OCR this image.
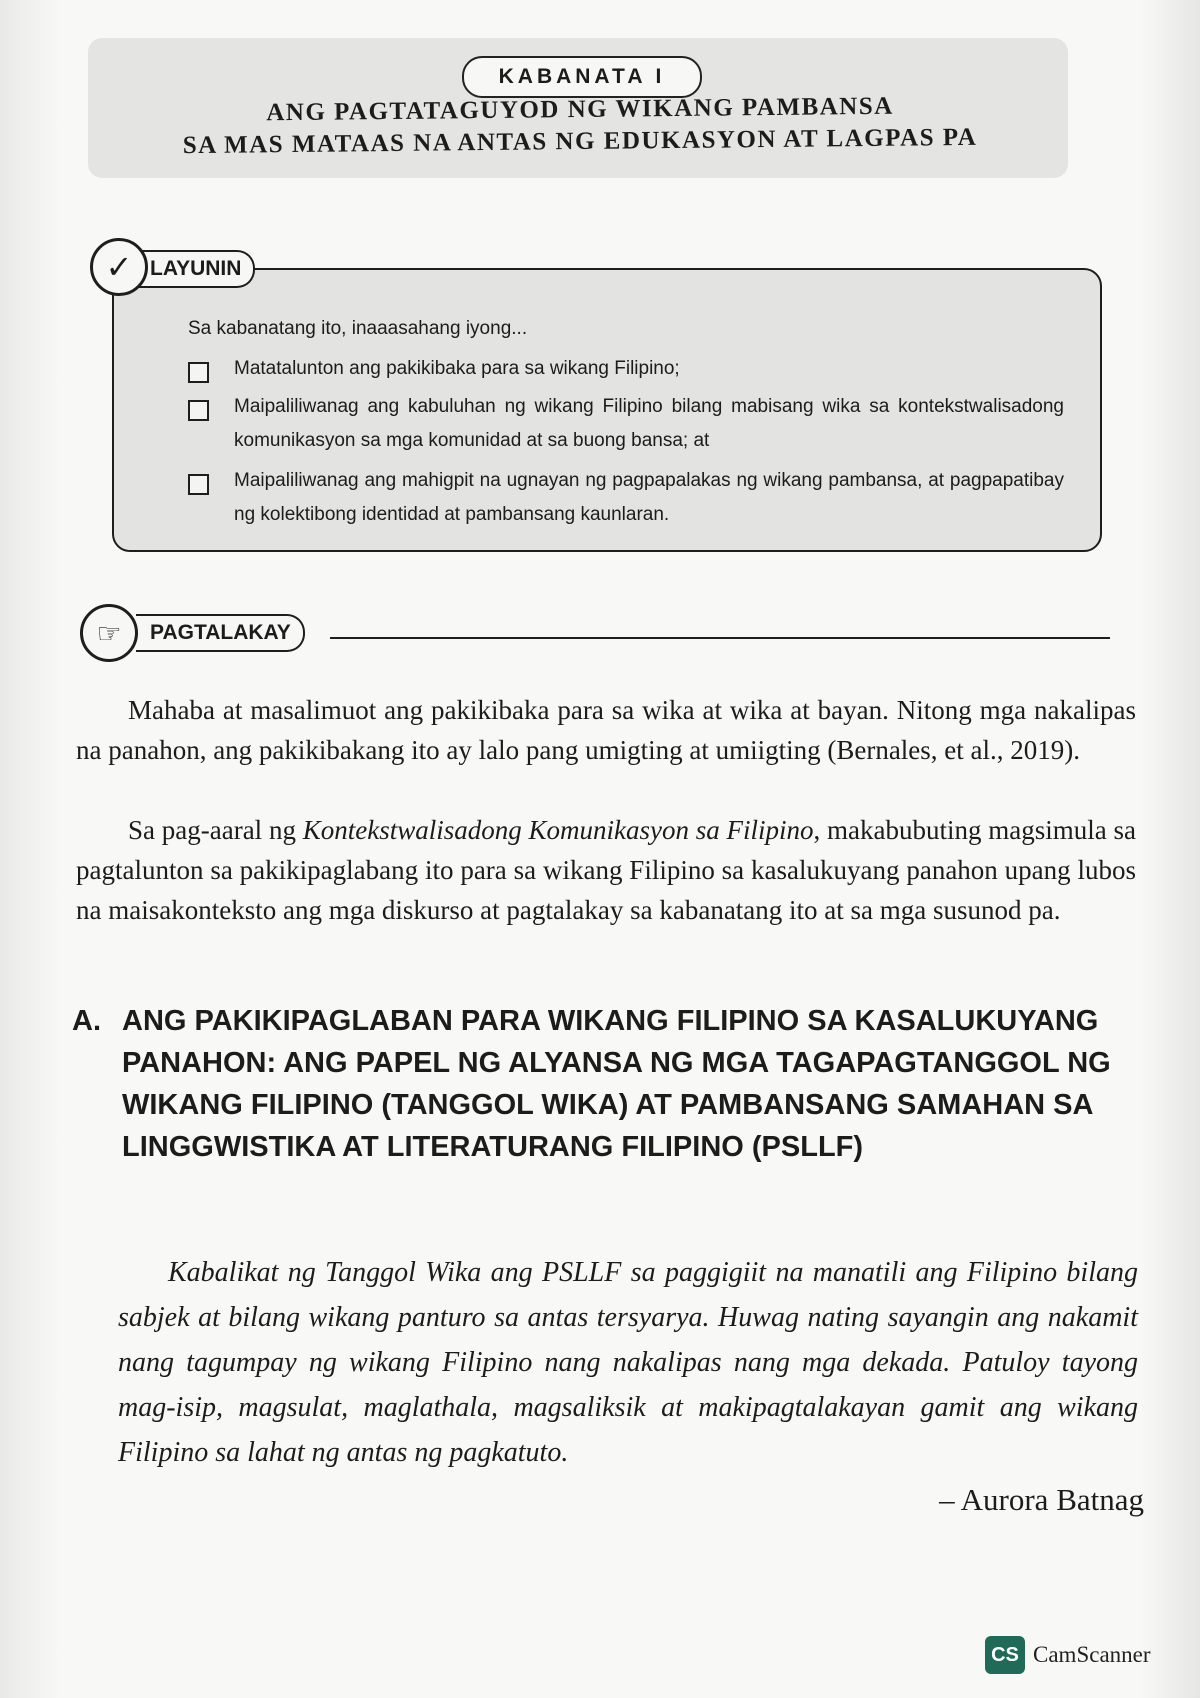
KABANATA I
ANG PAGTATAGUYOD NG WIKANG PAMBANSA
SA MAS MATAAS NA ANTAS NG EDUKASYON AT LAGPAS PA
LAYUNIN
✓
Sa kabanatang ito, inaaasahang iyong...
Matatalunton ang pakikibaka para sa wikang Filipino;
Maipaliliwanag ang kabuluhan ng wikang Filipino bilang mabisang wika sa kontekstwalisadong komunikasyon sa mga komunidad at sa buong bansa; at
Maipaliliwanag ang mahigpit na ugnayan ng pagpapalakas ng wikang pambansa, at pagpapatibay ng kolektibong identidad at pambansang kaunlaran.
PAGTALAKAY
☞
Mahaba at masalimuot ang pakikibaka para sa wika at wika at bayan. Nitong mga nakalipas na panahon, ang pakikibakang ito ay lalo pang umigting at umiigting (Bernales, et al., 2019).
Sa pag-aaral ng Kontekstwalisadong Komunikasyon sa Filipino, makabubuting magsimula sa pagtalunton sa pakikipaglabang ito para sa wikang Filipino sa kasalukuyang panahon upang lubos na maisakonteksto ang mga diskurso at pagtalakay sa kabanatang ito at sa mga susunod pa.
A. ANG PAKIKIPAGLABAN PARA WIKANG FILIPINO SA KASALUKUYANG PANAHON: ANG PAPEL NG ALYANSA NG MGA TAGAPAGTANGGOL NG WIKANG FILIPINO (TANGGOL WIKA) AT PAMBANSANG SAMAHAN SA LINGGWISTIKA AT LITERATURANG FILIPINO (PSLLF)
Kabalikat ng Tanggol Wika ang PSLLF sa paggigiit na manatili ang Filipino bilang sabjek at bilang wikang panturo sa antas tersyarya. Huwag nating sayangin ang nakamit nang tagumpay ng wikang Filipino nang nakalipas nang mga dekada. Patuloy tayong mag-isip, magsulat, maglathala, magsaliksik at makipagtalakayan gamit ang wikang Filipino sa lahat ng antas ng pagkatuto.
– Aurora Batnag
CS CamScanner
